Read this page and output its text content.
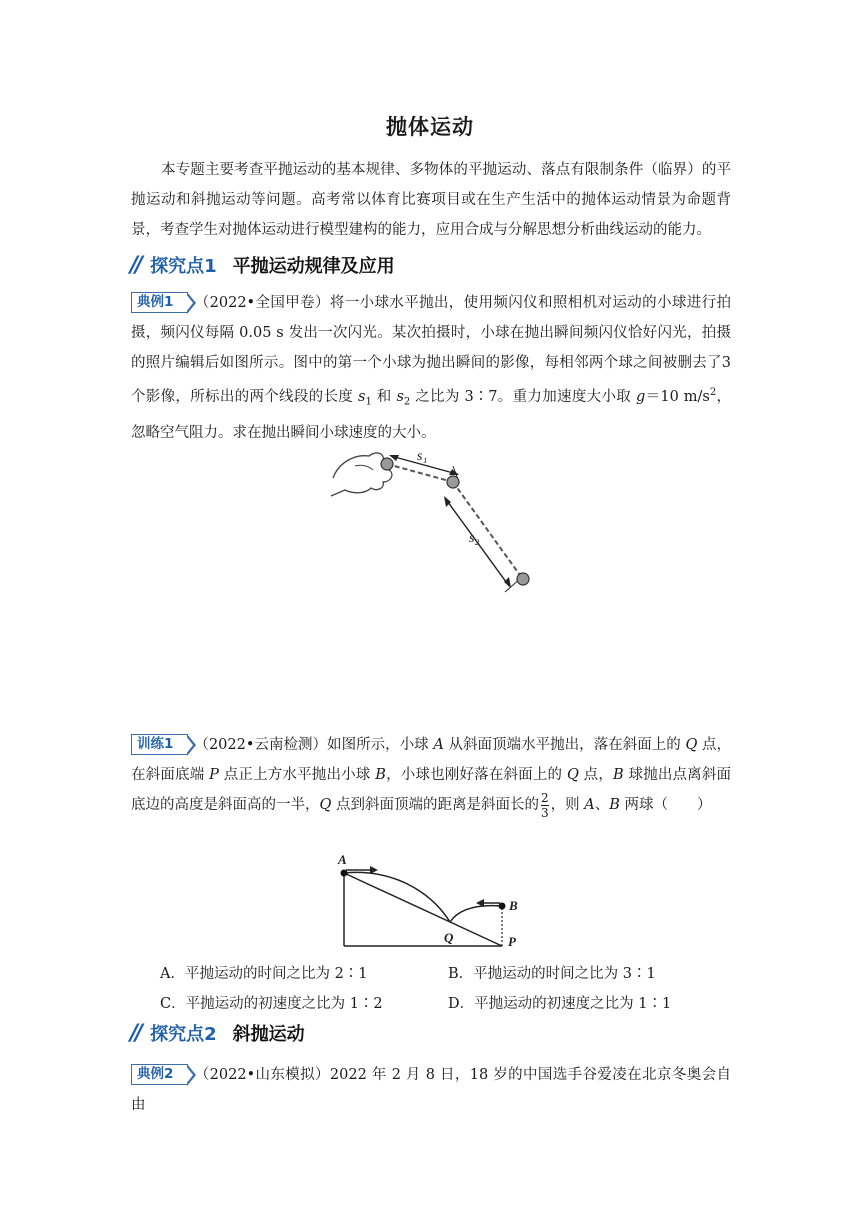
抛体运动
本专题主要考查平抛运动的基本规律、多物体的平抛运动、落点有限制条件（临界）的平抛运动和斜抛运动等问题。高考常以体育比赛项目或在生产生活中的抛体运动情景为命题背景，考查学生对抛体运动进行模型建构的能力，应用合成与分解思想分析曲线运动的能力。
// 探究点1 平抛运动规律及应用
典例1 （2022•全国甲卷）将一小球水平抛出，使用频闪仪和照相机对运动的小球进行拍摄，频闪仪每隔 0.05 s 发出一次闪光。某次拍摄时，小球在抛出瞬间频闪仪恰好闪光，拍摄的照片编辑后如图所示。图中的第一个小球为抛出瞬间的影像，每相邻两个球之间被删去了3 个影像，所标出的两个线段的长度 $s_1$ 和 $s_2$ 之比为 3∶7。重力加速度大小取 g＝10 $m/s^2$，忽略空气阻力。求在抛出瞬间小球速度的大小。
s₁
s₂
训练1 （2022•云南检测）如图所示，小球 A 从斜面顶端水平抛出，落在斜面上的 Q 点，在斜面底端 P 点正上方水平抛出小球 B，小球也刚好落在斜面上的 Q 点，B 球抛出点离斜面底边的高度是斜面高的一半，Q 点到斜面顶端的距离是斜面长的 $\frac{2}{3}$ ，则 A、B 两球（　　）
A
B
Q	P
A．平抛运动的时间之比为 2∶1	B．平抛运动的时间之比为 3∶1
C．平抛运动的初速度之比为 1∶2	D．平抛运动的初速度之比为 1∶1
// 探究点2 斜抛运动
典例2 （2022•山东模拟）2022 年 2 月 8 日，18 岁的中国选手谷爱凌在北京冬奥会自由
